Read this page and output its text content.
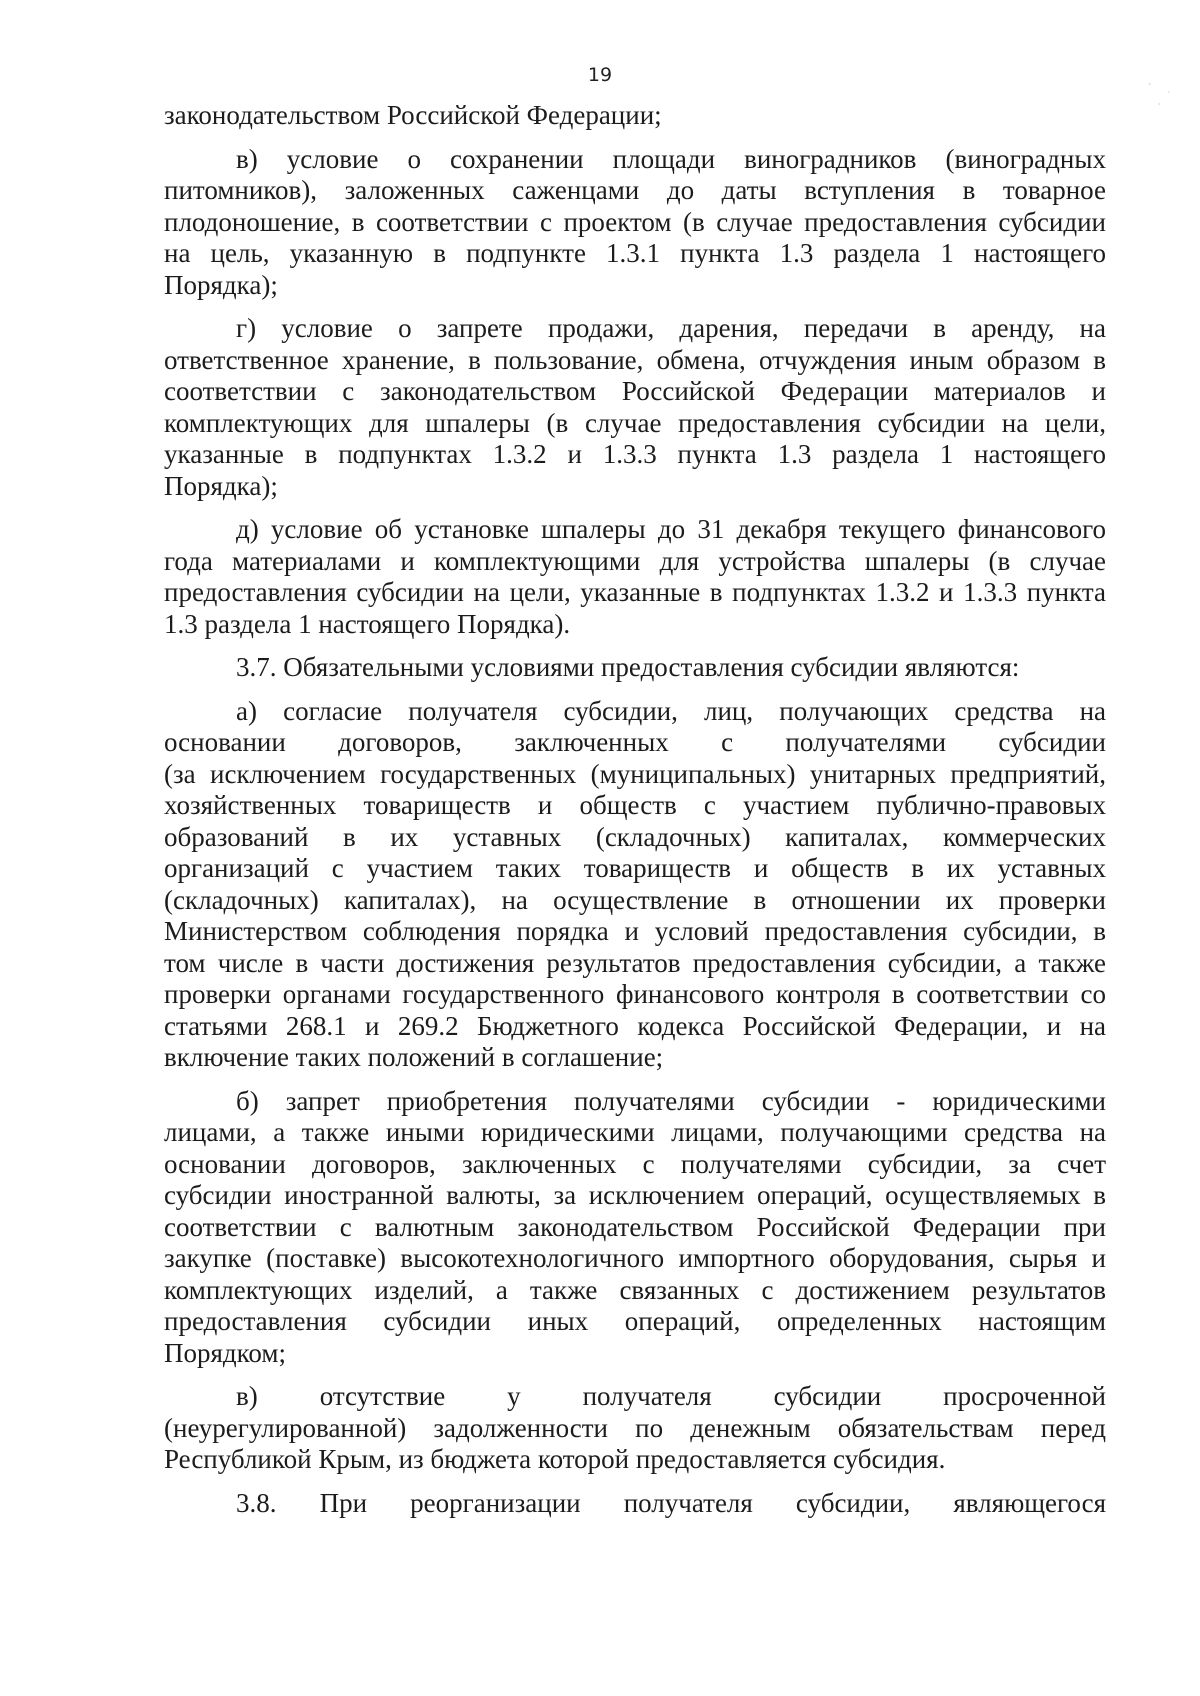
19
законодательством Российской Федерации;
в) условие о сохранении площади виноградников (виноградных
питомников), заложенных саженцами до даты вступления в товарное
плодоношение, в соответствии с проектом (в случае предоставления субсидии
на цель, указанную в подпункте 1.3.1 пункта 1.3 раздела 1 настоящего
Порядка);
г) условие о запрете продажи, дарения, передачи в аренду, на
ответственное хранение, в пользование, обмена, отчуждения иным образом в
соответствии с законодательством Российской Федерации материалов и
комплектующих для шпалеры (в случае предоставления субсидии на цели,
указанные в подпунктах 1.3.2 и 1.3.3 пункта 1.3 раздела 1 настоящего
Порядка);
д) условие об установке шпалеры до 31 декабря текущего финансового
года материалами и комплектующими для устройства шпалеры (в случае
предоставления субсидии на цели, указанные в подпунктах 1.3.2 и 1.3.3 пункта
1.3 раздела 1 настоящего Порядка).
3.7. Обязательными условиями предоставления субсидии являются:
а) согласие получателя субсидии, лиц, получающих средства на
основании договоров, заключенных с получателями субсидии
(за исключением государственных (муниципальных) унитарных предприятий,
хозяйственных товариществ и обществ с участием публично-правовых
образований в их уставных (складочных) капиталах, коммерческих
организаций с участием таких товариществ и обществ в их уставных
(складочных) капиталах), на осуществление в отношении их проверки
Министерством соблюдения порядка и условий предоставления субсидии, в
том числе в части достижения результатов предоставления субсидии, а также
проверки органами государственного финансового контроля в соответствии со
статьями 268.1 и 269.2 Бюджетного кодекса Российской Федерации, и на
включение таких положений в соглашение;
б) запрет приобретения получателями субсидии - юридическими
лицами, а также иными юридическими лицами, получающими средства на
основании договоров, заключенных с получателями субсидии, за счет
субсидии иностранной валюты, за исключением операций, осуществляемых в
соответствии с валютным законодательством Российской Федерации при
закупке (поставке) высокотехнологичного импортного оборудования, сырья и
комплектующих изделий, а также связанных с достижением результатов
предоставления субсидии иных операций, определенных настоящим
Порядком;
в) отсутствие у получателя субсидии просроченной
(неурегулированной) задолженности по денежным обязательствам перед
Республикой Крым, из бюджета которой предоставляется субсидия.
3.8. При реорганизации получателя субсидии, являющегося
